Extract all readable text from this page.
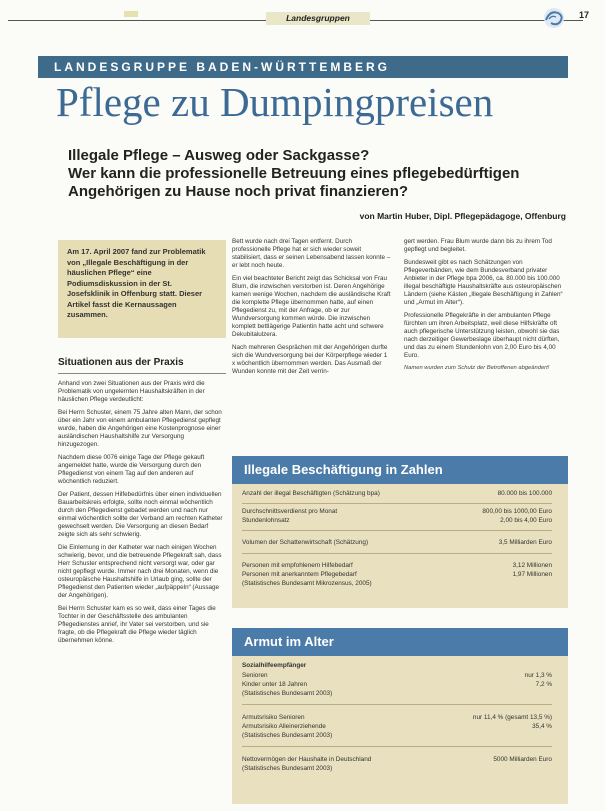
Landesgruppen	17
LANDESGRUPPE BADEN-WÜRTTEMBERG
Pflege zu Dumpingpreisen
Illegale Pflege – Ausweg oder Sackgasse?
Wer kann die professionelle Betreuung eines pflegebedürftigen
Angehörigen zu Hause noch privat finanzieren?
von Martin Huber, Dipl. Pflegepädagoge, Offenburg
Am 17. April 2007 fand zur Problematik von „Illegale Beschäftigung in der häuslichen Pflege“ eine Podiumsdiskussion in der St. Josefsklinik in Offenburg statt. Dieser Artikel fasst die Kernaussagen zusammen.
Situationen aus der Praxis

Anhand von zwei Situationen aus der Praxis wird die Problematik von ungelernten Haushaltskräften in der häuslichen Pflege verdeutlicht:

Bei Herrn Schuster, einem 75 Jahre alten Mann, der schon über ein Jahr von einem ambulanten Pflegedienst gepflegt wurde, haben die Angehörigen eine Kostenprognose einer ausländischen Haushaltshilfe zur Versorgung hinzugezogen.

Nachdem diese 0076 einige Tage der Pflege gekauft angemeldet hatte, wurde die Versorgung durch den Pflegedienst von einem Tag auf den anderen auf wöchentlich reduziert.

Der Patient, dessen Hilfebedürfnis über einen individuellen Bauarbeitskreis erfolgte, sollte noch einmal wöchentlich durch den Pflegedienst gebadet werden und nach nur einmal wöchentlich sollte der Verband am rechten Katheter gewechselt werden. Die Versorgung an diesen Bedarf zeigte sich als sehr schwierig.

Die Einlernung in der Katheter war nach einigen Wochen schwierig, bevor, und die betreuende Pflegekraft sah, dass Herr Schuster entsprechend nicht versorgt war, oder gar nicht gepflegt wurde. Immer nach drei Monaten, wenn die osteuropäische Haushaltshilfe in Urlaub ging, sollte der Pflegedienst den Patienten wieder „aufpäppeln“ (Aussage der Angehörigen).

Bei Herrn Schuster kam es so weit, dass einer Tages die Tochter in der Geschäftsstelle des ambulanten Pflegedienstes anrief, ihr Vater sei verstorben, und sie fragte, ob die Pflegekraft die Pflege wieder täglich übernehmen könne.

Bett wurde nach drei Tagen entfernt. Durch professionelle Pflege hat er sich wieder soweit stabilisiert, dass er seinen Lebensabend lassen konnte – er lebt noch heute.

Ein viel beachteter Bericht zeigt das Schicksal von Frau Blum, die inzwischen verstorben ist. Deren Angehörige kamen wenige Wochen, nachdem die ausländische Kraft die komplette Pflege übernommen hatte, auf einen Pflegedienst zu, mit der Anfrage, ob er zur Wundversorgung kommen würde. Die inzwischen komplett bettlägerige Patientin hatte acht und schwere Dekubitalulzera.

Nach mehreren Gesprächen mit der Angehörigen durfte sich die Wundversorgung bei der Körperpflege wieder 1 x wöchentlich übernommen werden. Das Ausmaß der Wunden konnte mit der Zeit verrin-

gert werden. Frau Blum wurde dann bis zu ihrem Tod gepflegt und begleitet.

Bundesweit gibt es nach Schätzungen von Pflegeverbänden, wie dem Bundesverband privater Anbieter in der Pflege bpa 2006, ca. 80.000 bis 100.000 illegal beschäftigte Haushaltskräfte aus osteuropäischen Ländern (siehe Kästen „Illegale Beschäftigung in Zahlen“ und „Armut im Alter“).

Professionelle Pflegekräfte in der ambulanten Pflege fürchten um ihren Arbeitsplatz, weil diese Hilfskräfte oft auch pflegerische Unterstützung leisten, obwohl sie das nach derzeitiger Gewerbeslage überhaupt nicht dürften, und das zu einem Stundenlohn von 2,00 Euro bis 4,00 Euro.

Namen wurden zum Schutz der Betroffenen abgeändert!

Illegale Beschäftigung in Zahlen
Anzahl der illegal Beschäftigten (Schätzung bpa)	80.000 bis 100.000
Durchschnittsverdienst pro Monat	800,00 bis 1000,00 Euro
Stundenlohnsatz	2,00 bis 4,00 Euro
Volumen der Schattenwirtschaft (Schätzung)	3,5 Milliarden Euro
Personen mit empfohlenem Hilfebedarf	3,12 Millionen
Personen mit anerkanntem Pflegebedarf	1,97 Millionen
(Statistisches Bundesamt Mikrozensus, 2005)
Armut im Alter
Sozialhilfeempfänger
Senioren	nur 1,3 %
Kinder unter 18 Jahren	7,2 %
(Statistisches Bundesamt 2003)
Armutsrisiko Senioren	nur 11,4 % (gesamt 13,5 %)
Armutsrisiko Alleinerziehende	35,4 %
(Statistisches Bundesamt 2003)
Nettovermögen der Haushalte in Deutschland	5000 Milliarden Euro
(Statistisches Bundesamt 2003)
